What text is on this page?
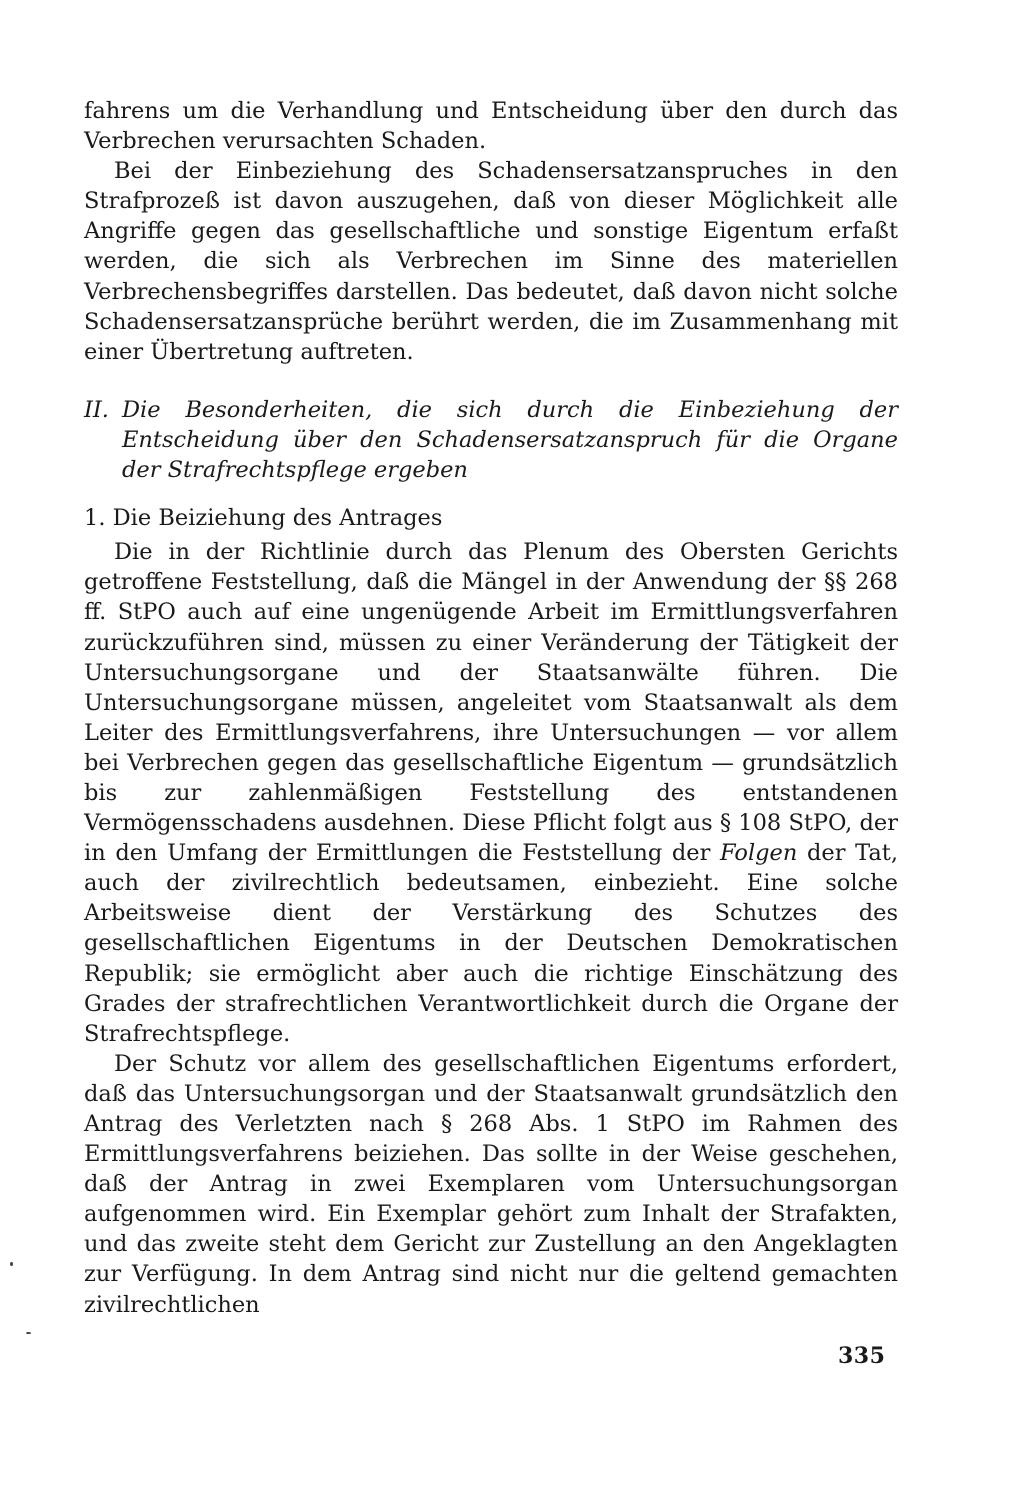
fahrens um die Verhandlung und Entscheidung über den durch das Verbrechen verursachten Schaden.

Bei der Einbeziehung des Schadensersatzanspruches in den Strafprozeß ist davon auszugehen, daß von dieser Möglichkeit alle Angriffe gegen das gesellschaftliche und sonstige Eigentum erfaßt werden, die sich als Verbrechen im Sinne des materiellen Verbrechensbegriffes darstellen. Das bedeutet, daß davon nicht solche Schadensersatzansprüche berührt werden, die im Zusammenhang mit einer Übertretung auftreten.

II. Die Besonderheiten, die sich durch die Einbeziehung der Entscheidung über den Schadensersatzanspruch für die Organe der Strafrechtspflege ergeben

1. Die Beiziehung des Antrages

Die in der Richtlinie durch das Plenum des Obersten Gerichts getroffene Feststellung, daß die Mängel in der Anwendung der §§ 268 ff. StPO auch auf eine ungenügende Arbeit im Ermittlungsverfahren zurückzuführen sind, müssen zu einer Veränderung der Tätigkeit der Untersuchungsorgane und der Staatsanwälte führen. Die Untersuchungsorgane müssen, angeleitet vom Staatsanwalt als dem Leiter des Ermittlungsverfahrens, ihre Untersuchungen — vor allem bei Verbrechen gegen das gesellschaftliche Eigentum — grundsätzlich bis zur zahlenmäßigen Feststellung des entstandenen Vermögensschadens ausdehnen. Diese Pflicht folgt aus § 108 StPO, der in den Umfang der Ermittlungen die Feststellung der Folgen der Tat, auch der zivilrechtlich bedeutsamen, einbezieht. Eine solche Arbeitsweise dient der Verstärkung des Schutzes des gesellschaftlichen Eigentums in der Deutschen Demokratischen Republik; sie ermöglicht aber auch die richtige Einschätzung des Grades der strafrechtlichen Verantwortlichkeit durch die Organe der Strafrechtspflege.

Der Schutz vor allem des gesellschaftlichen Eigentums erfordert, daß das Untersuchungsorgan und der Staatsanwalt grundsätzlich den Antrag des Verletzten nach § 268 Abs. 1 StPO im Rahmen des Ermittlungsverfahrens beiziehen. Das sollte in der Weise geschehen, daß der Antrag in zwei Exemplaren vom Untersuchungsorgan aufgenommen wird. Ein Exemplar gehört zum Inhalt der Strafakten, und das zweite steht dem Gericht zur Zustellung an den Angeklagten zur Verfügung. In dem Antrag sind nicht nur die geltend gemachten zivilrechtlichen

335
